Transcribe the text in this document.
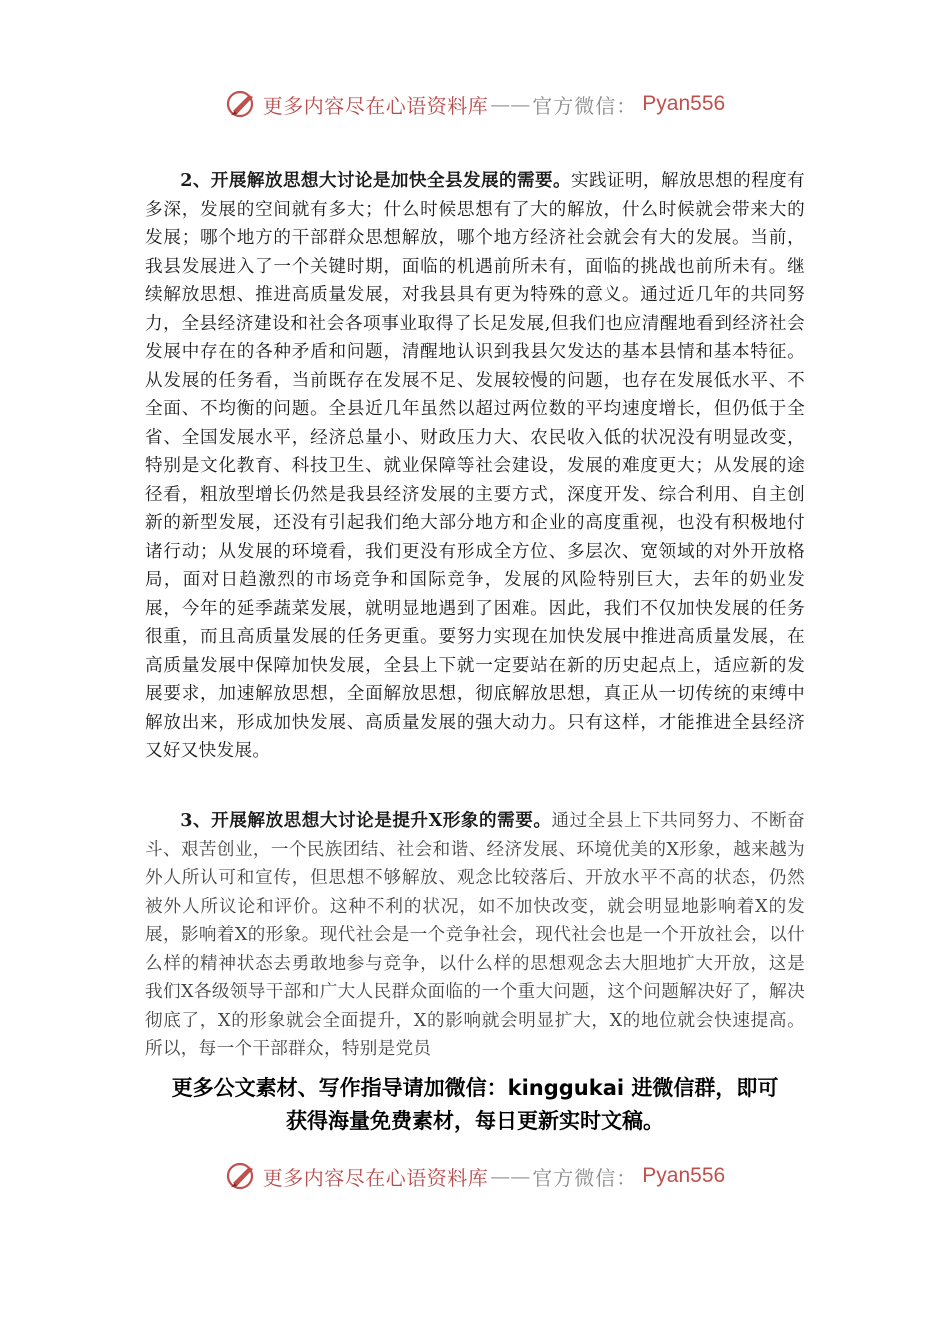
更多内容尽在心语资料库 —— 官方微信 ： Pyan556

2、开展解放思想大讨论是加快全县发展的需要。实践证明，解放思想的程度有多深，发展的空间就有多大；什么时候思想有了大的解放，什么时候就会带来大的发展；哪个地方的干部群众思想解放，哪个地方经济社会就会有大的发展。当前，我县发展进入了一个关键时期，面临的机遇前所未有，面临的挑战也前所未有。继续解放思想、推进高质量发展，对我县具有更为特殊的意义。通过近几年的共同努力，全县经济建设和社会各项事业取得了长足发展,但我们也应清醒地看到经济社会发展中存在的各种矛盾和问题，清醒地认识到我县欠发达的基本县情和基本特征。从发展的任务看，当前既存在发展不足、发展较慢的问题，也存在发展低水平、不全面、不均衡的问题。全县近几年虽然以超过两位数的平均速度增长，但仍低于全省、全国发展水平，经济总量小、财政压力大、农民收入低的状况没有明显改变，特别是文化教育、科技卫生、就业保障等社会建设，发展的难度更大；从发展的途径看，粗放型增长仍然是我县经济发展的主要方式，深度开发、综合利用、自主创新的新型发展，还没有引起我们绝大部分地方和企业的高度重视，也没有积极地付诸行动；从发展的环境看，我们更没有形成全方位、多层次、宽领域的对外开放格局，面对日趋激烈的市场竞争和国际竞争，发展的风险特别巨大，去年的奶业发展，今年的延季蔬菜发展，就明显地遇到了困难。因此，我们不仅加快发展的任务很重，而且高质量发展的任务更重。要努力实现在加快发展中推进高质量发展，在高质量发展中保障加快发展，全县上下就一定要站在新的历史起点上，适应新的发展要求，加速解放思想，全面解放思想，彻底解放思想，真正从一切传统的束缚中解放出来，形成加快发展、高质量发展的强大动力。只有这样，才能推进全县经济又好又快发展。

3、开展解放思想大讨论是提升X形象的需要。通过全县上下共同努力、不断奋斗、艰苦创业，一个民族团结、社会和谐、经济发展、环境优美的X形象，越来越为外人所认可和宣传，但思想不够解放、观念比较落后、开放水平不高的状态，仍然被外人所议论和评价。这种不利的状况，如不加快改变，就会明显地影响着X的发展，影响着X的形象。现代社会是一个竞争社会，现代社会也是一个开放社会，以什么样的精神状态去勇敢地参与竞争，以什么样的思想观念去大胆地扩大开放，这是我们X各级领导干部和广大人民群众面临的一个重大问题，这个问题解决好了，解决彻底了，X的形象就会全面提升，X的影响就会明显扩大，X的地位就会快速提高。所以，每一个干部群众，特别是党员

更多公文素材、写作指导请加微信：kinggukai 进微信群，即可
获得海量免费素材，每日更新实时文稿。
更多内容尽在心语资料库 —— 官方微信 ： Pyan556
